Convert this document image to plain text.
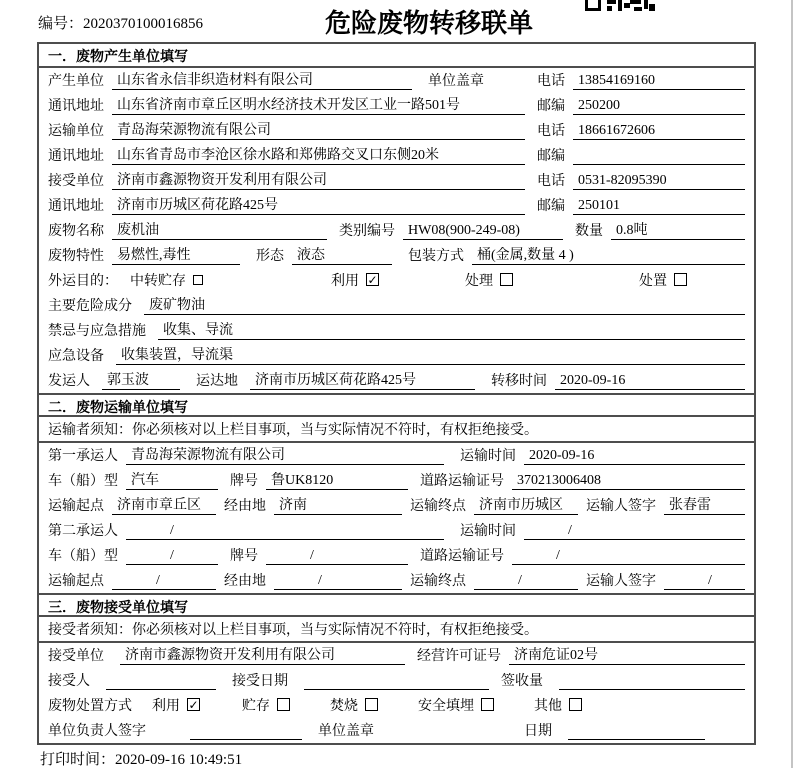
编号：2020370100016856	危险废物转移联单
一．废物产生单位填写
产生单位 山东省永信非织造材料有限公司	单位盖章	电话 13854169160
通讯地址 山东省济南市章丘区明水经济技术开发区工业一路501号	邮编 250200
运输单位 青岛海荣源物流有限公司	电话 18661672606
通讯地址 山东省青岛市李沧区徐水路和郑佛路交叉口东侧20米	邮编
接受单位 济南市鑫源物资开发利用有限公司	电话 0531-82095390
通讯地址 济南市历城区荷花路425号	邮编 250101
废物名称 废机油	类别编号 HW08(900-249-08)	数量 0.8吨
废物特性 易燃性,毒性	形态 液态	包装方式 桶(金属,数量 4 )
外运目的： 中转贮存	利用 ✓	处理	处置
主要危险成分	废矿物油
禁忌与应急措施	收集、导流
应急设备	收集装置，导流渠
发运人	郭玉波	运达地	济南市历城区荷花路425号	转移时间 2020-09-16
二．废物运输单位填写
运输者须知： 你必须核对以上栏目事项，当与实际情况不符时，有权拒绝接受。
第一承运人 青岛海荣源物流有限公司	运输时间 2020-09-16
车（船）型 汽车	牌号 鲁UK8120	道路运输证号 370213006408
运输起点 济南市章丘区	经由地 济南	运输终点 济南市历城区	运输人签字 张春雷
第二承运人	/	运输时间	/
车（船）型	/	牌号	/	道路运输证号	/
运输起点	/	经由地	/	运输终点	/	运输人签字	/
三．废物接受单位填写
接受者须知： 你必须核对以上栏目事项，当与实际情况不符时，有权拒绝接受。
接受单位	济南市鑫源物资开发利用有限公司	经营许可证号 济南危证02号
接受人	接受日期	签收量
废物处置方式 利用 ✓	贮存	焚烧	安全填埋	其他
单位负责人签字	单位盖章	日期
打印时间：2020-09-16 10:49:51
